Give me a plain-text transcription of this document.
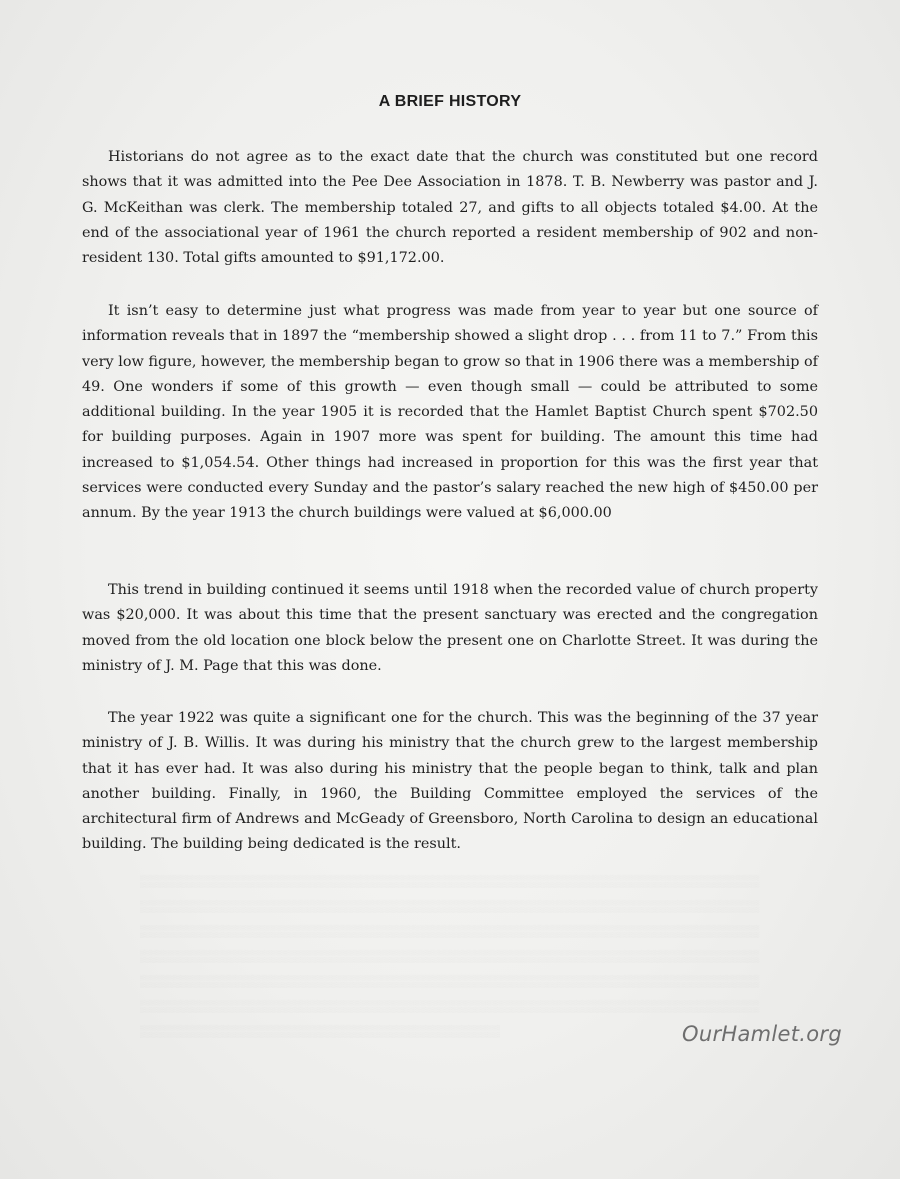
A BRIEF HISTORY

Historians do not agree as to the exact date that the church was constituted but one record shows that it was admitted into the Pee Dee Association in 1878. T. B. Newberry was pastor and J. G. McKeithan was clerk. The membership totaled 27, and gifts to all objects totaled $4.00. At the end of the associational year of 1961 the church reported a resident membership of 902 and non-resident 130. Total gifts amounted to $91,172.00.

It isn’t easy to determine just what progress was made from year to year but one source of information reveals that in 1897 the “membership showed a slight drop . . . from 11 to 7.” From this very low figure, however, the membership began to grow so that in 1906 there was a membership of 49. One wonders if some of this growth — even though small — could be attributed to some additional building. In the year 1905 it is recorded that the Hamlet Baptist Church spent $702.50 for building purposes. Again in 1907 more was spent for building. The amount this time had increased to $1,054.54. Other things had increased in proportion for this was the first year that services were conducted every Sunday and the pastor’s salary reached the new high of $450.00 per annum. By the year 1913 the church buildings were valued at $6,000.00

This trend in building continued it seems until 1918 when the recorded value of church property was $20,000. It was about this time that the present sanctuary was erected and the congregation moved from the old location one block below the present one on Charlotte Street. It was during the ministry of J. M. Page that this was done.

The year 1922 was quite a significant one for the church. This was the beginning of the 37 year ministry of J. B. Willis. It was during his ministry that the church grew to the largest membership that it has ever had. It was also during his ministry that the people began to think, talk and plan another building. Finally, in 1960, the Building Committee employed the services of the architectural firm of Andrews and McGeady of Greensboro, North Carolina to design an educational building. The building being dedicated is the result.

OurHamlet.org
